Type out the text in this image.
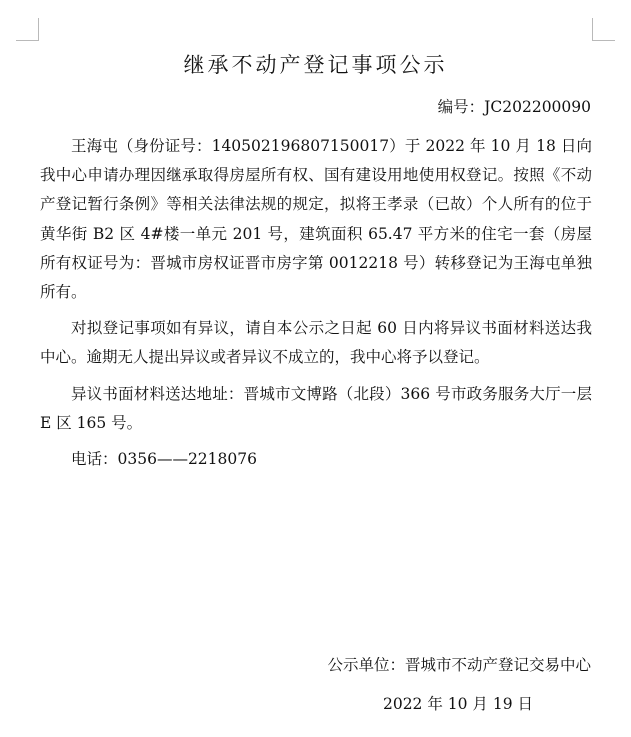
继承不动产登记事项公示
编号：JC202200090

王海屯（身份证号：140502196807150017）于 2022 年 10 月 18 日向我中心申请办理因继承取得房屋所有权、国有建设用地使用权登记。按照《不动产登记暂行条例》等相关法律法规的规定，拟将王孝录（已故）个人所有的位于黄华街 B2 区 4#楼一单元 201 号，建筑面积 65.47 平方米的住宅一套（房屋所有权证号为：晋城市房权证晋市房字第 0012218 号）转移登记为王海屯单独所有。

对拟登记事项如有异议，请自本公示之日起 60 日内将异议书面材料送达我中心。逾期无人提出异议或者异议不成立的，我中心将予以登记。

异议书面材料送达地址：晋城市文博路（北段）366 号市政务服务大厅一层 E 区 165 号。

电话：0356——2218076

公示单位：晋城市不动产登记交易中心
2022 年 10 月 19 日
